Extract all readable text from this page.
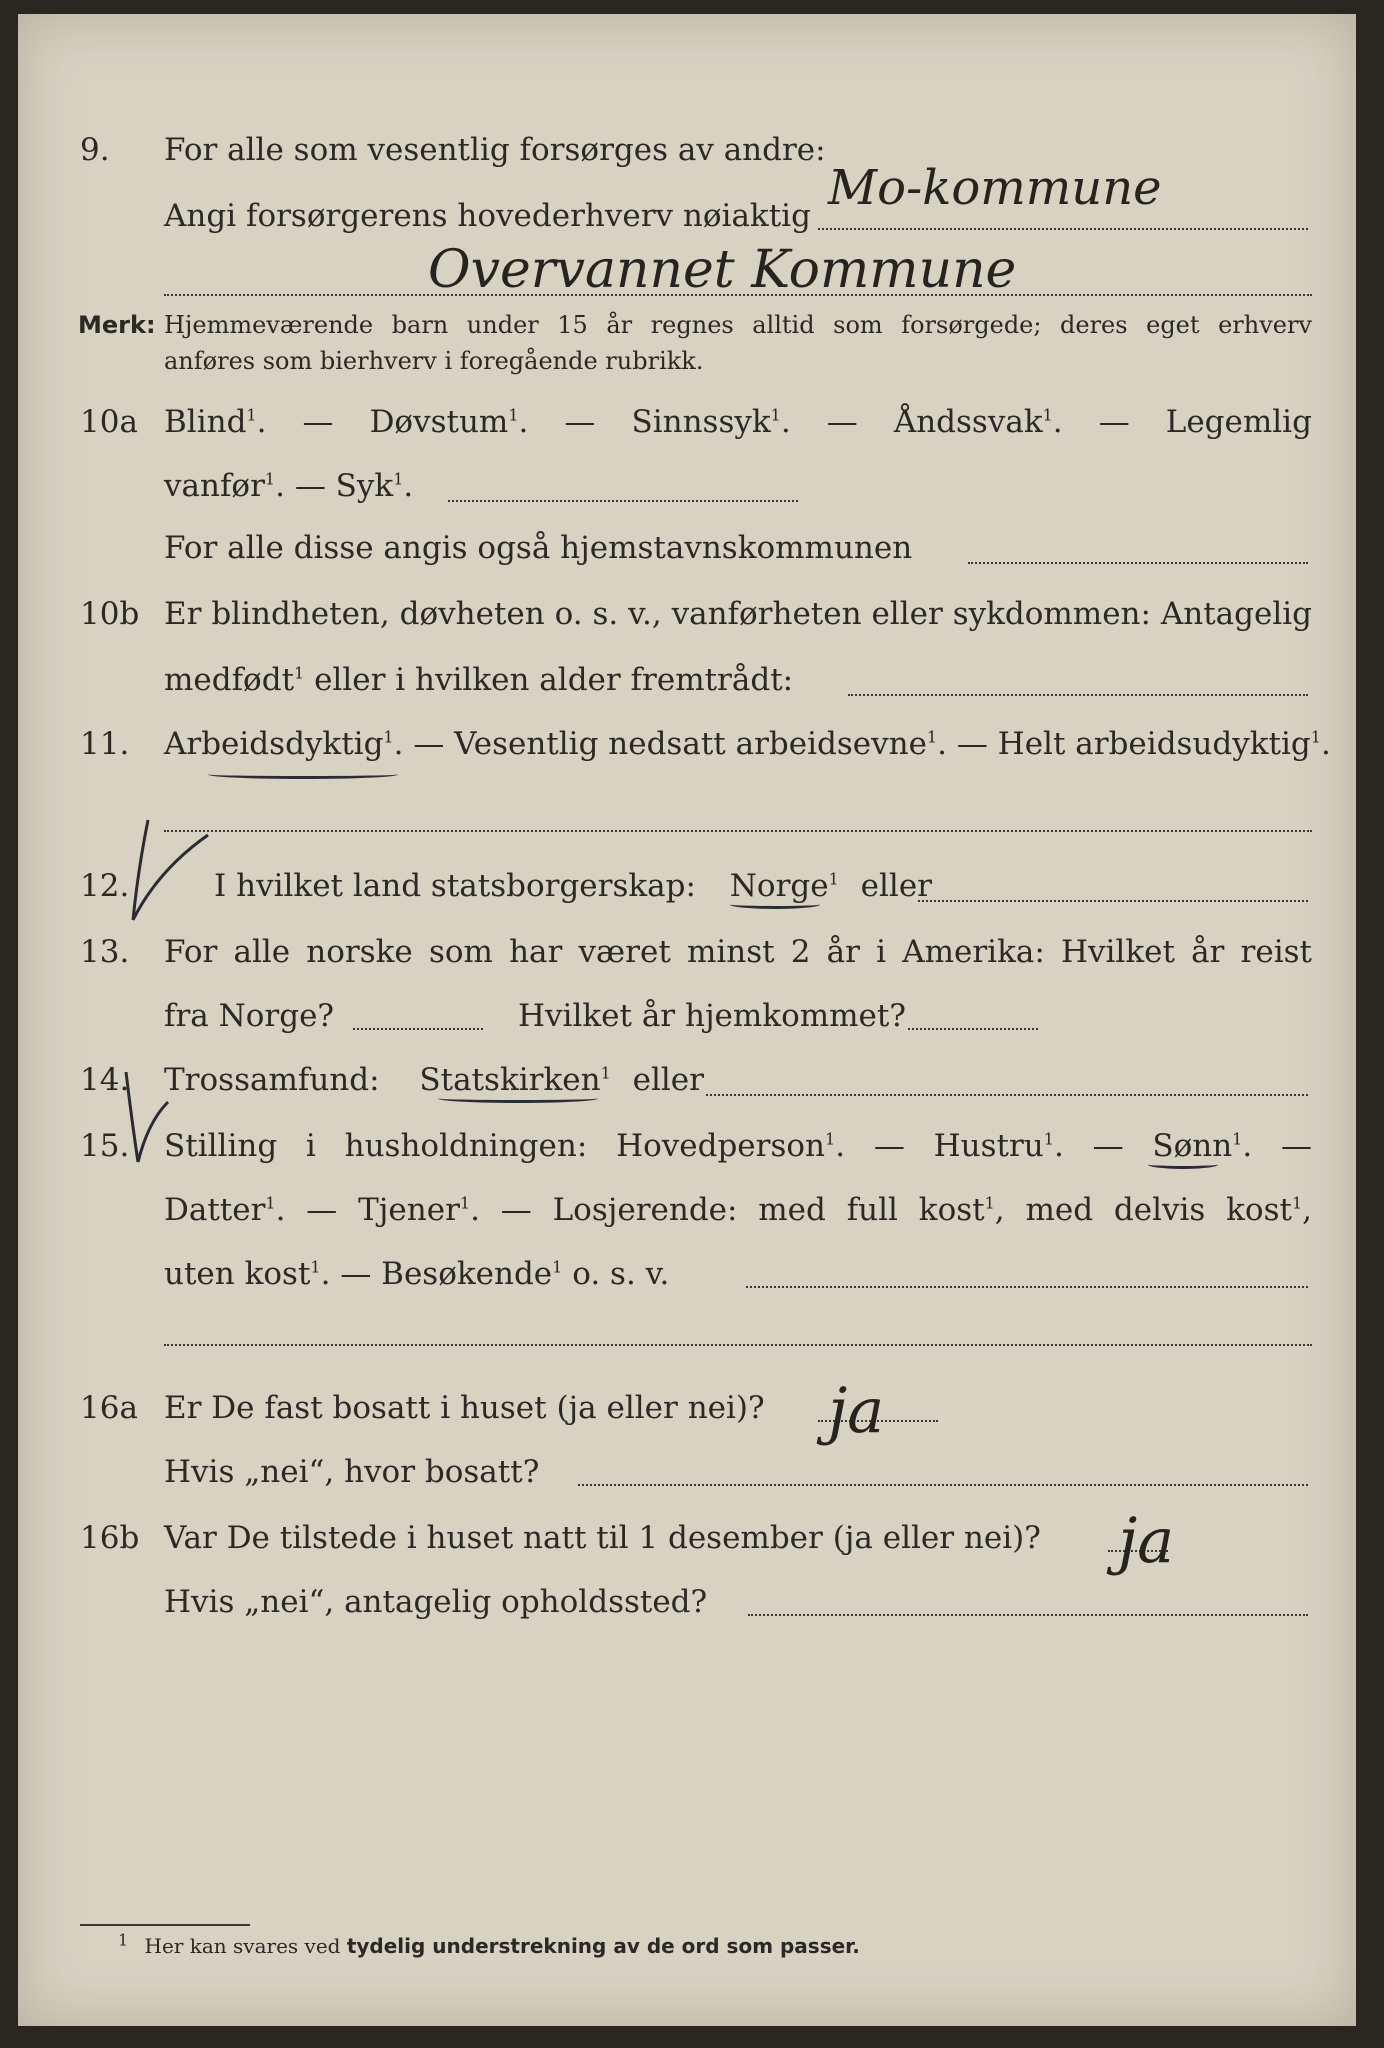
9. For alle som vesentlig forsørges av andre:
Mo-kommune
Angi forsørgerens hovederhverv nøiaktig
Overvannet Kommune
Merk: Hjemmeværende barn under 15 år regnes alltid som forsørgede; deres eget erhverv
anføres som bierhverv i foregående rubrikk.
10a Blind$^1$. — Døvstum$^1$. — Sinnssyk$^1$. — Åndssvak$^1$. — Legemlig
vanfør$^1$. — Syk$^1$.
For alle disse angis også hjemstavnskommunen
10b Er blindheten, døvheten o. s. v., vanførheten eller sykdommen: Antagelig
medfødt$^1$ eller i hvilken alder fremtrådt:
11. Arbeidsdyktig$^1$. — Vesentlig nedsatt arbeidsevne$^1$. — Helt arbeidsudyktig$^1$.
12.	I hvilket land statsborgerskap: Norge$^1$ eller
13. For alle norske som har været minst 2 år i Amerika: Hvilket år reist
fra Norge?	Hvilket år hjemkommet?
14. Trossamfund: Statskirken$^1$ eller
15. Stilling i husholdningen: Hovedperson$^1$. — Hustru$^1$. — Sønn$^1$. —
Datter$^1$. — Tjener$^1$. — Losjerende: med full kost$^1$, med delvis kost$^1$,
uten kost$^1$. — Besøkende$^1$ o. s. v.
16a Er De fast bosatt i huset (ja eller nei)? ja
Hvis „nei“, hvor bosatt?
16b Var De tilstede i huset natt til 1 desember (ja eller nei)? ja
Hvis „nei“, antagelig opholdssted?
$^1$ Her kan svares ved tydelig understrekning av de ord som passer.
